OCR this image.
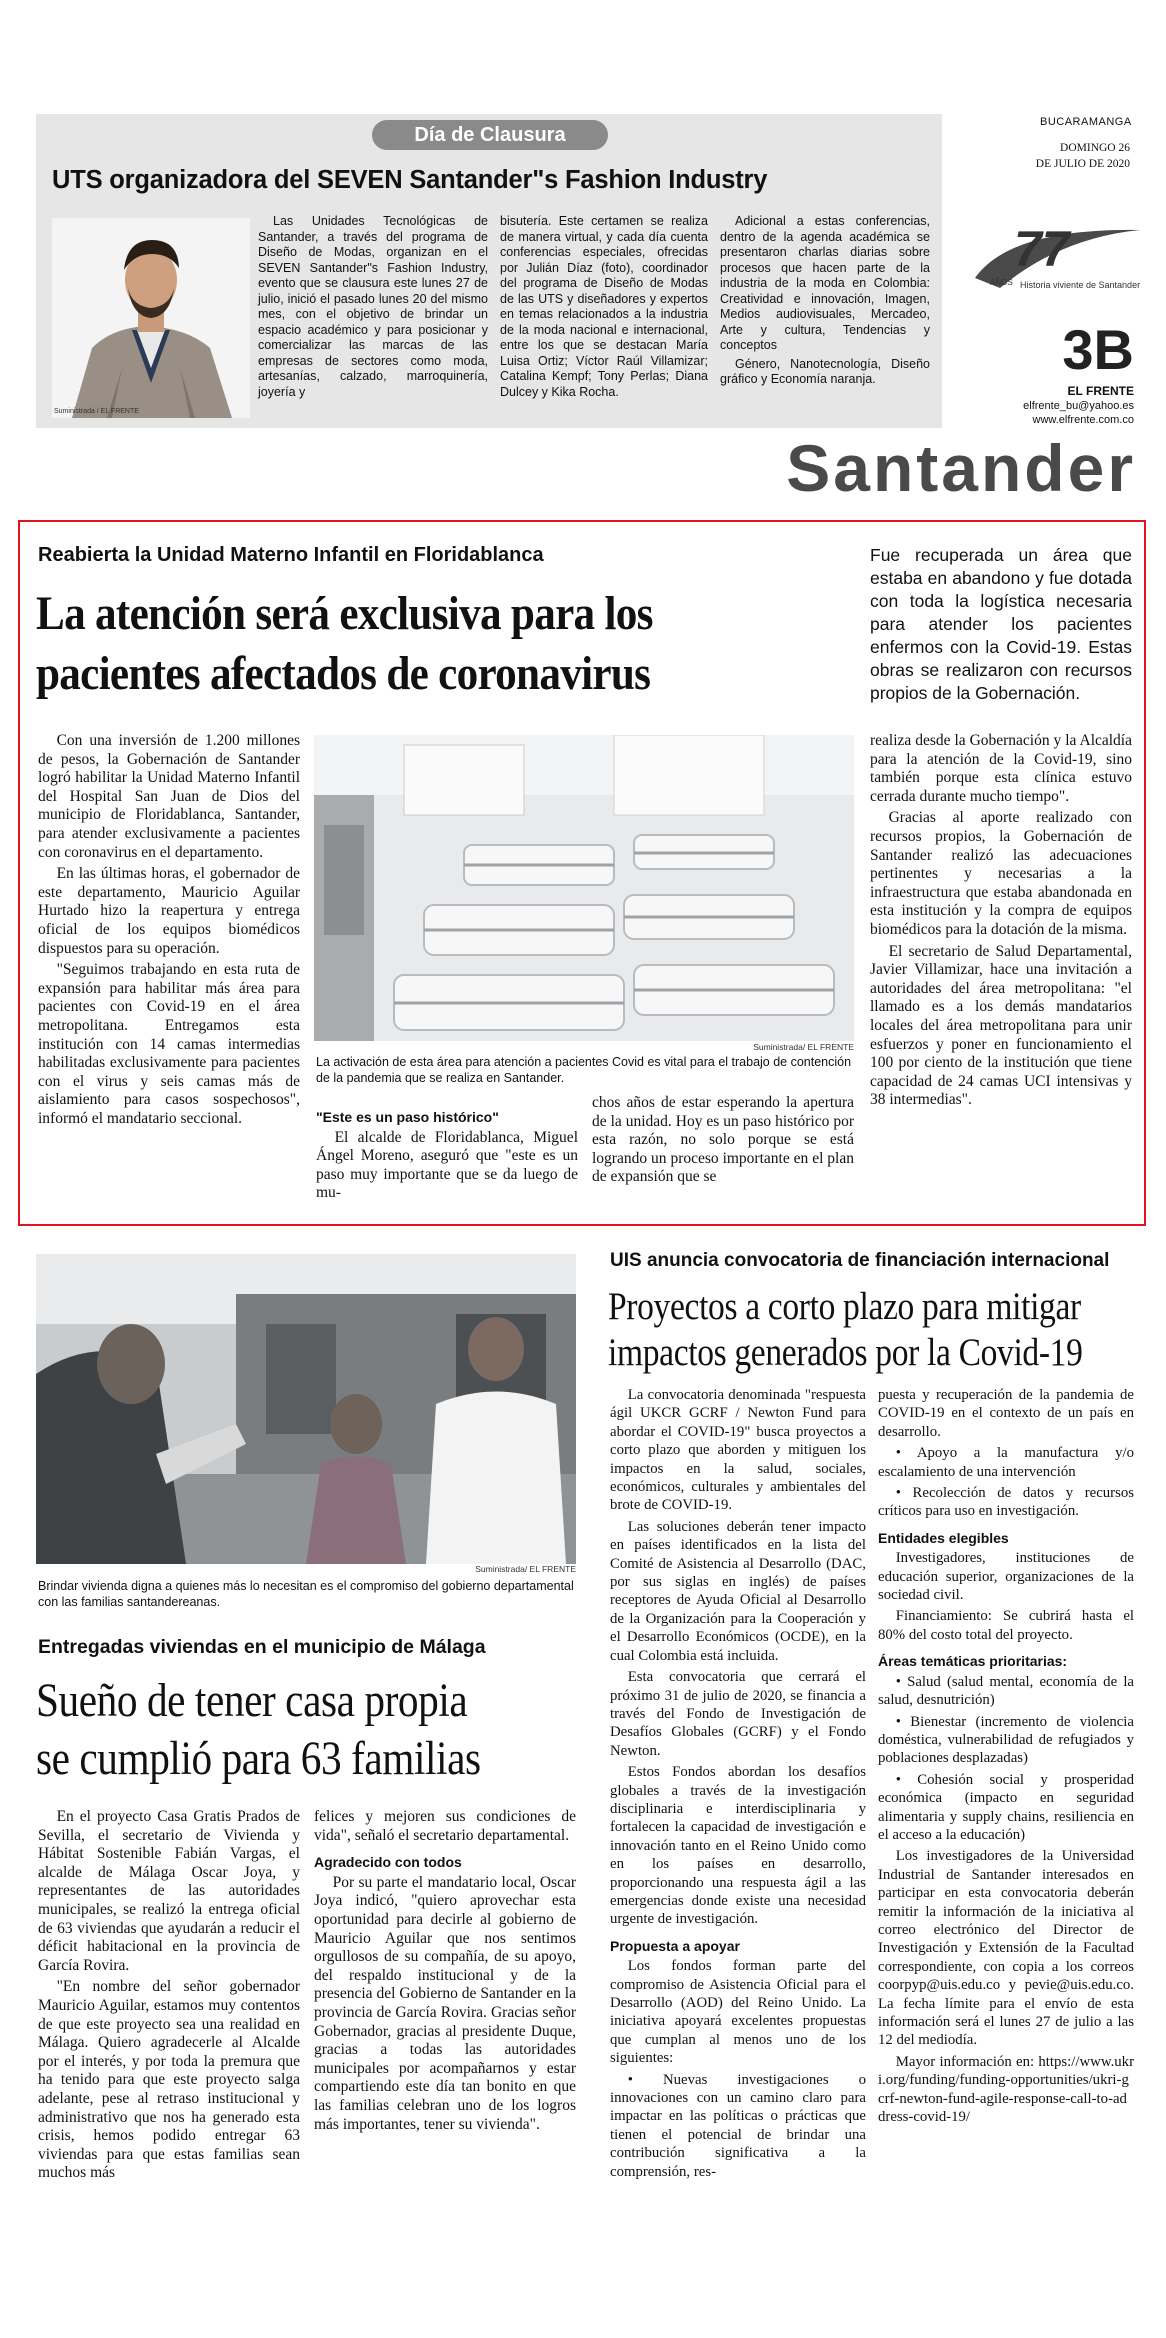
Día de Clausura
UTS organizadora del SEVEN Santander"s Fashion Industry
Suministrada / EL FRENTE

Las Unidades Tecnológicas de Santander, a través del programa de Diseño de Modas, organizan en el SEVEN Santander"s Fashion Industry, evento que se clausura este lunes 27 de julio, inició el pasado lunes 20 del mismo mes, con el objetivo de brindar un espacio académico y para posicionar y comercializar las marcas de las empresas de sectores como moda, artesanías, calzado, marroquinería, joyería y

bisutería. Este certamen se realiza de manera virtual, y cada día cuenta conferencias especiales, ofrecidas por Julián Díaz (foto), coordinador del programa de Diseño de Modas de las UTS y diseñadores y expertos en temas relacionados a la industria de la moda nacional e internacional, entre los que se destacan María Luisa Ortiz; Víctor Raúl Villamizar; Catalina Kempf; Tony Perlas; Diana Dulcey y Kika Rocha.

Adicional a estas conferencias, dentro de la agenda académica se presentaron charlas diarias sobre procesos que hacen parte de la industria de la moda en Colombia: Creatividad e innovación, Imagen, Medios audiovisuales, Mercadeo, Arte y cultura, Tendencias y conceptos

Género, Nanotecnología, Diseño gráfico y Economía naranja.

BUCARAMANGA
DOMINGO 26
DE JULIO DE 2020
77
AÑOS Historia viviente de Santander
3B
EL FRENTE
elfrente_bu@yahoo.es
www.elfrente.com.co
Santander
Reabierta la Unidad Materno Infantil en Floridablanca
La atención será exclusiva para los
pacientes afectados de coronavirus
Fue recuperada un área que estaba en abandono y fue dotada con toda la logística necesaria para atender los pacientes enfermos con la Covid-19. Estas obras se realizaron con recursos propios de la Gobernación.

Con una inversión de 1.200 millones de pesos, la Gobernación de Santander logró habilitar la Unidad Materno Infantil del Hospital San Juan de Dios del municipio de Floridablanca, Santander, para atender exclusivamente a pacientes con coronavirus en el departamento.

En las últimas horas, el gobernador de este departamento, Mauricio Aguilar Hurtado hizo la reapertura y entrega oficial de los equipos biomédicos dispuestos para su operación.

"Seguimos trabajando en esta ruta de expansión para habilitar más área para pacientes con Covid-19 en el área metropolitana. Entregamos esta institución con 14 camas intermedias habilitadas exclusivamente para pacientes con el virus y seis camas más de aislamiento para casos sospechosos", informó el mandatario seccional.

Suministrada/ EL FRENTE
La activación de esta área para atención a pacientes Covid es vital para el trabajo de contención de la pandemia que se realiza en Santander.
"Este es un paso histórico"

El alcalde de Floridablanca, Miguel Ángel Moreno, aseguró que "este es un paso muy importante que se da luego de mu-

chos años de estar esperando la apertura de la unidad. Hoy es un paso histórico por esta razón, no solo porque se está logrando un proceso importante en el plan de expansión que se

realiza desde la Gobernación y la Alcaldía para la atención de la Covid-19, sino también porque esta clínica estuvo cerrada durante mucho tiempo".

Gracias al aporte realizado con recursos propios, la Gobernación de Santander realizó las adecuaciones pertinentes y necesarias a la infraestructura que estaba abandonada en esta institución y la compra de equipos biomédicos para la dotación de la misma.

El secretario de Salud Departamental, Javier Villamizar, hace una invitación a autoridades del área metropolitana: "el llamado es a los demás mandatarios locales del área metropolitana para unir esfuerzos y poner en funcionamiento el 100 por ciento de la institución que tiene capacidad de 24 camas UCI intensivas y 38 intermedias".

Suministrada/ EL FRENTE
Brindar vivienda digna a quienes más lo necesitan es el compromiso del gobierno departamental con las familias santandereanas.
Entregadas viviendas en el municipio de Málaga
Sueño de tener casa propia
se cumplió para 63 familias

En el proyecto Casa Gratis Prados de Sevilla, el secretario de Vivienda y Hábitat Sostenible Fabián Vargas, el alcalde de Málaga Oscar Joya, y representantes de las autoridades municipales, se realizó la entrega oficial de 63 viviendas que ayudarán a reducir el déficit habitacional en la provincia de García Rovira.

"En nombre del señor gobernador Mauricio Aguilar, estamos muy contentos de que este proyecto sea una realidad en Málaga. Quiero agradecerle al Alcalde por el interés, y por toda la premura que ha tenido para que este proyecto salga adelante, pese al retraso institucional y administrativo que nos ha generado esta crisis, hemos podido entregar 63 viviendas para que estas familias sean muchos más

felices y mejoren sus condiciones de vida", señaló el secretario departamental.

Agradecido con todos

Por su parte el mandatario local, Oscar Joya indicó, "quiero aprovechar esta oportunidad para decirle al gobierno de Mauricio Aguilar que nos sentimos orgullosos de su compañía, de su apoyo, del respaldo institucional y de la presencia del Gobierno de Santander en la provincia de García Rovira. Gracias señor Gobernador, gracias al presidente Duque, gracias a todas las autoridades municipales por acompañarnos y estar compartiendo este día tan bonito en que las familias celebran uno de los logros más importantes, tener su vivienda".

UIS anuncia convocatoria de financiación internacional
Proyectos a corto plazo para mitigar
impactos generados por la Covid-19

La convocatoria denominada "respuesta ágil UKCR GCRF / Newton Fund para abordar el COVID-19" busca proyectos a corto plazo que aborden y mitiguen los impactos en la salud, sociales, económicos, culturales y ambientales del brote de COVID-19.

Las soluciones deberán tener impacto en países identificados en la lista del Comité de Asistencia al Desarrollo (DAC, por sus siglas en inglés) de países receptores de Ayuda Oficial al Desarrollo de la Organización para la Cooperación y el Desarrollo Económicos (OCDE), en la cual Colombia está incluida.

Esta convocatoria que cerrará el próximo 31 de julio de 2020, se financia a través del Fondo de Investigación de Desafíos Globales (GCRF) y el Fondo Newton.

Estos Fondos abordan los desafíos globales a través de la investigación disciplinaria e interdisciplinaria y fortalecen la capacidad de investigación e innovación tanto en el Reino Unido como en los países en desarrollo, proporcionando una respuesta ágil a las emergencias donde existe una necesidad urgente de investigación.

Propuesta a apoyar

Los fondos forman parte del compromiso de Asistencia Oficial para el Desarrollo (AOD) del Reino Unido. La iniciativa apoyará excelentes propuestas que cumplan al menos uno de los siguientes:

• Nuevas investigaciones o innovaciones con un camino claro para impactar en las políticas o prácticas que tienen el potencial de brindar una contribución significativa a la comprensión, res-

puesta y recuperación de la pandemia de COVID-19 en el contexto de un país en desarrollo.

• Apoyo a la manufactura y/o escalamiento de una intervención

• Recolección de datos y recursos críticos para uso en investigación.

Entidades elegibles

Investigadores, instituciones de educación superior, organizaciones de la sociedad civil.

Financiamiento: Se cubrirá hasta el 80% del costo total del proyecto.

Áreas temáticas prioritarias:

• Salud (salud mental, economía de la salud, desnutrición)

• Bienestar (incremento de violencia doméstica, vulnerabilidad de refugiados y poblaciones desplazadas)

• Cohesión social y prosperidad económica (impacto en seguridad alimentaria y supply chains, resiliencia en el acceso a la educación)

Los investigadores de la Universidad Industrial de Santander interesados en participar en esta convocatoria deberán remitir la información de la iniciativa al correo electrónico del Director de Investigación y Extensión de la Facultad correspondiente, con copia a los correos coorpyp@uis.edu.co y pevie@uis.edu.co. La fecha límite para el envío de esta información será el lunes 27 de julio a las 12 del mediodía.

Mayor información en: https://www.ukri.org/funding/funding-opportunities/ukri-gcrf-newton-fund-agile-response-call-to-address-covid-19/
